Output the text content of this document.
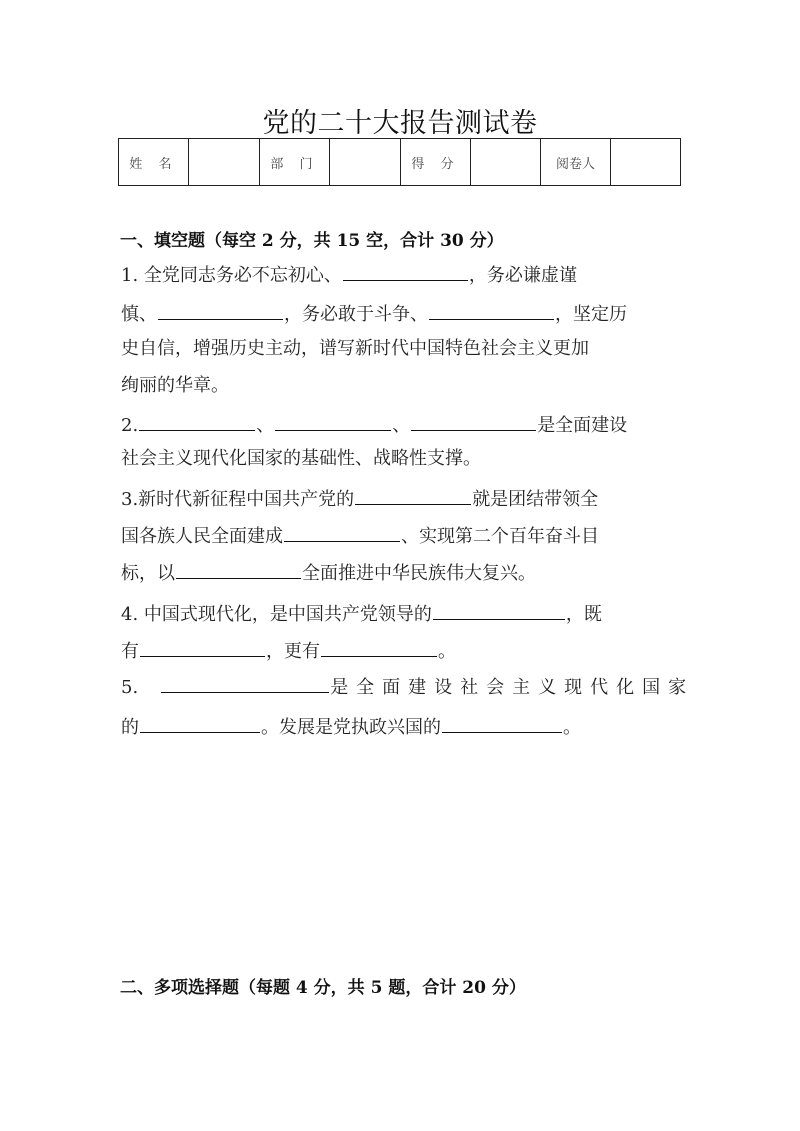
党的二十大报告测试卷
姓 名		部 门		得 分		阅卷人	
一、填空题（每空 2 分，共 15 空，合计 30 分）
1. 全党同志务必不忘初心、	，务必谦虚谨
慎、	，务必敢于斗争、	，坚定历
史自信，增强历史主动，谱写新时代中国特色社会主义更加
绚丽的华章。
2.	、	、	是全面建设
社会主义现代化国家的基础性、战略性支撑。
3.新时代新征程中国共产党的	就是团结带领全
国各族人民全面建成	、实现第二个百年奋斗目
标，以	全面推进中华民族伟大复兴。
4. 中国式现代化，是中国共产党领导的	，既
有	，更有	。
5.	是全面建设社会主义现代化国家
的	。发展是党执政兴国的	。
二、多项选择题（每题 4 分，共 5 题，合计 20 分）
